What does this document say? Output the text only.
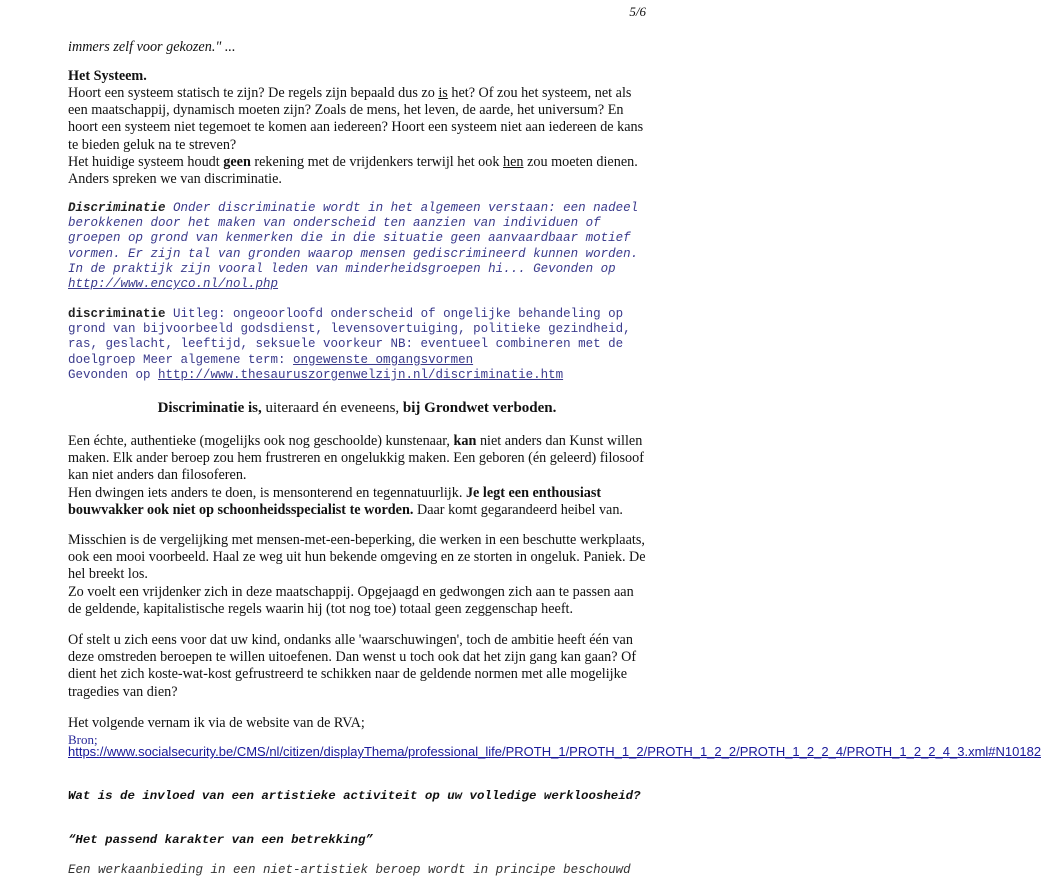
5/6

immers zelf voor gekozen." ...

Het Systeem.

Hoort een systeem statisch te zijn? De regels zijn bepaald dus zo is het? Of zou het systeem, net als een maatschappij, dynamisch moeten zijn? Zoals de mens, het leven, de aarde, het universum? En hoort een systeem niet tegemoet te komen aan iedereen? Hoort een systeem niet aan iedereen de kans te bieden geluk na te streven?
Het huidige systeem houdt geen rekening met de vrijdenkers terwijl het ook hen zou moeten dienen. Anders spreken we van discriminatie.

Discriminatie Onder discriminatie wordt in het algemeen verstaan: een nadeel berokkenen door het maken van onderscheid ten aanzien van individuen of groepen op grond van kenmerken die in die situatie geen aanvaardbaar motief vormen. Er zijn tal van gronden waarop mensen gediscrimineerd kunnen worden. In de praktijk zijn vooral leden van minderheidsgroepen hi... Gevonden op http://www.encyco.nl/nol.php

discriminatie Uitleg: ongeoorloofd onderscheid of ongelijke behandeling op grond van bijvoorbeeld godsdienst, levensovertuiging, politieke gezindheid, ras, geslacht, leeftijd, seksuele voorkeur NB: eventueel combineren met de doelgroep Meer algemene term: ongewenste omgangsvormen
Gevonden op http://www.thesauruszorgenwelzijn.nl/discriminatie.htm

Discriminatie is, uiteraard én eveneens, bij Grondwet verboden.

Een échte, authentieke (mogelijks ook nog geschoolde) kunstenaar, kan niet anders dan Kunst willen maken. Elk ander beroep zou hem frustreren en ongelukkig maken. Een geboren (én geleerd) filosoof kan niet anders dan filosoferen.
Hen dwingen iets anders te doen, is mensonterend en tegennatuurlijk. Je legt een enthousiast bouwvakker ook niet op schoonheidsspecialist te worden. Daar komt gegarandeerd heibel van.

Misschien is de vergelijking met mensen-met-een-beperking, die werken in een beschutte werkplaats, ook een mooi voorbeeld. Haal ze weg uit hun bekende omgeving en ze storten in ongeluk. Paniek. De hel breekt los.
Zo voelt een vrijdenker zich in deze maatschappij. Opgejaagd en gedwongen zich aan te passen aan de geldende, kapitalistische regels waarin hij (tot nog toe) totaal geen zeggenschap heeft.

Of stelt u zich eens voor dat uw kind, ondanks alle 'waarschuwingen', toch de ambitie heeft één van deze omstreden beroepen te willen uitoefenen. Dan wenst u toch ook dat het zijn gang kan gaan? Of dient het zich koste-wat-kost gefrustreerd te schikken naar de geldende normen met alle mogelijke tragedies van dien?

Het volgende vernam ik via de website van de RVA;

Bron;

https://www.socialsecurity.be/CMS/nl/citizen/displayThema/professional_life/PROTH_1/PROTH_1_2/PROTH_1_2_2/PROTH_1_2_2_4/PROTH_1_2_2_4_3.xml#N10182

Wat is de invloed van een artistieke activiteit op uw volledige werkloosheid?

“Het passend karakter van een betrekking”

Een werkaanbieding in een niet-artistiek beroep wordt in principe beschouwd
